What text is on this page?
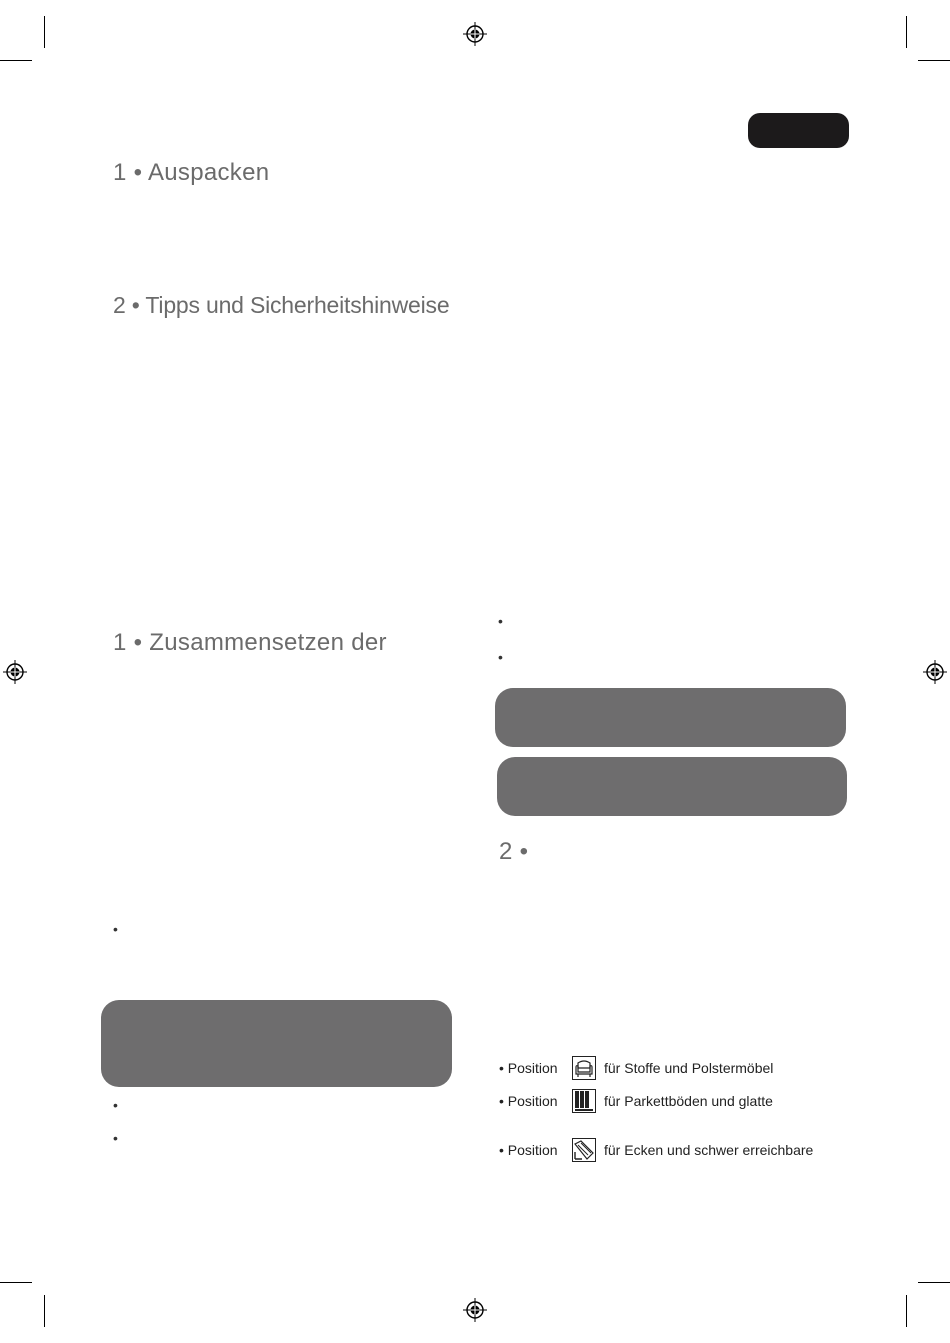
1 • Auspacken
2 • Tipps und Sicherheitshinweise
1 • Zusammensetzen der
2 •
•
•
•
•
•
• Position	für Stoffe und Polstermöbel
• Position	für Parkettböden und glatte
• Position	für Ecken und schwer erreichbare
